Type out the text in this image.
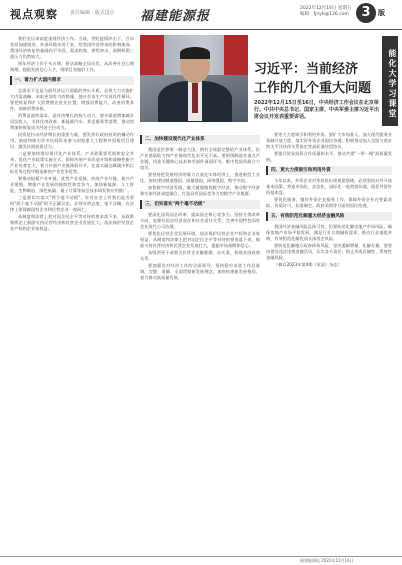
视点观察 责任编辑 · 版式设计 福建能源报
2022年12月16日 星期五 编辑：fjnyb@126.com 3	版
习近平：当前经济
工作的几个重大问题	能化大学习课堂
2022年12月15日至16日，中央经济工作会议在北京举行。中共中央总书记、国家主席、中央军委主席习近平出席会议并发表重要讲话。
我们党历来高度重视经济工作。当前，世纪疫情冲击下，百年变局加速演进，外部环境动荡不安，给我国经济带来的影响加深。我国经济恢复的基础尚不牢固，需求收缩、供给冲击、预期转弱三重压力仍然较大。
明年经济工作千头万绪，要从战略全局出发，从改善社会心理预期、提振发展信心入手，纲举目张做好工作。
一、着力扩大国内需求
总需求不足是当前经济运行面临的突出矛盾。必须大力实施扩大内需战略，采取更加有力的措施，使社会再生产实现良性循环。要把恢复和扩大消费摆在优先位置，增强消费能力，改善消费条件，创新消费场景。
消费是最终需求，是经济增长的持久动力。要多渠道增加城乡居民收入，支持住房改善、新能源汽车、养老服务等消费，推动消费加快恢复成为经济主拉动力。
投资是拉动经济增长的重要力量，要发挥好政府投资的撬动作用，鼓励和吸引更多民间资本参与国家重大工程和补短板项目建设，激发民间投资活力。
二是要加快建设现代化产业体系。产业政策要发展和安全并举。优化产业政策实施方式，狠抓传统产业改造升级和战略性新兴产业培育壮大，着力补强产业链薄弱环节，在落实碳达峰碳中和目标任务过程中锻造新的产业竞争优势。
要推动短板产业补链、优势产业延链、传统产业升链、新兴产业建链，增强产业发展的接续性和竞争力。加快新能源、人工智能、生物制造、绿色低碳、量子计算等前沿技术研发和应用推广。
三是要切实落实"两个毫不动摇"。针对社会上对我们是否坚持"两个毫不动摇"的不正确议论，必须亮明态度，毫不含糊。在法律上要保障国有企业和民营企业一视同仁。
从制度和法律上把对国企民企平等对待的要求落下来，从政策和舆论上鼓励支持民营经济和民营企业发展壮大。依法保护民营企业产权和企业家权益。
二、加快建设现代化产业体系
我国是世界第一制造大国，拥有全球最完整的产业体系，但产业基础能力和产业链现代化水平还不高。要围绕制造业重点产业链，找准关键核心技术和零部件薄弱环节，集中优质资源合力攻关。
要坚持把发展经济的着力点放在实体经济上，推进新型工业化，加快建设制造强国、质量强国、网络强国、数字中国。
加快数字经济发展，做大做强做优数字经济，推动数字经济和实体经济深度融合，打造具有国际竞争力的数字产业集群。
三、切实落实"两个毫不动摇"
要深化国资国企改革，提高国企核心竞争力。坚持分类改革方向，处理好国企经济责任和社会责任关系，完善中国特色国有企业现代公司治理。
要优化民营企业发展环境，依法保护民营企业产权和企业家权益，从制度和法律上把对国企民企平等对待的要求落下来，鼓励支持民营经济和民营企业发展壮大，提振市场预期和信心。
各级领导干部要为民营企业解难题、办实事，构建亲清政商关系。
要加强党对经济工作的全面领导，坚持稳中求进工作总基调，完整、准确、全面贯彻新发展理念，加快构建新发展格局，着力推动高质量发展。
要更大力度吸引和利用外资。要扩大市场准入，加大现代服务业领域开放力度，落实好外资企业国民待遇，积极推动加入全面与进步跨太平洋伙伴关系协定等高标准经贸协议。
要提升贸易投资合作质量和水平，推动共建"一带一路"高质量发展。
四、更大力度吸引和利用外资
今年以来，外资企业对华投资出现观望情绪，必须坚持对外开放基本国策，营造市场化、法治化、国际化一流营商环境，稳住外贸外资基本盘。
要优化服务，做好外资企业服务工作，保障外资企业在要素获取、资质许可、标准制定、政府采购等方面的国民待遇。
五、有效防范化解重大经济金融风险
我国经济金融风险总体可控，但要防范化解房地产市场风险，确保房地产市场平稳发展，满足行业合理融资需求，推动行业重组并购，有效防范化解优质头部房企风险。
要防范化解地方政府债务风险，坚决遏制增量、化解存量，要坚决惩处违法违规金融活动，压实各方责任，防止形成区域性、系统性金融风险。
（摘自2023年第4期《求是》杂志）
福建能源报 2022年12月16日
